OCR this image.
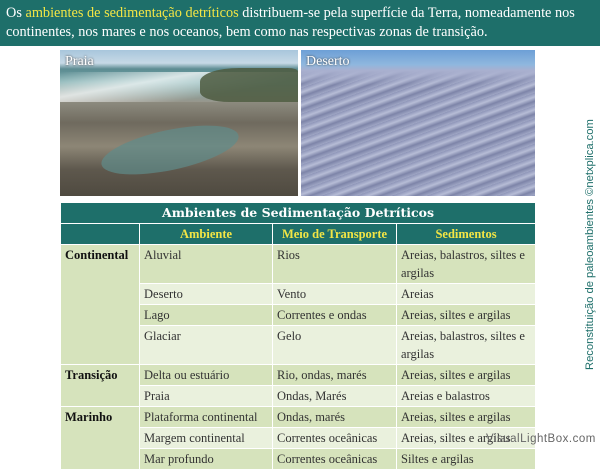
Os ambientes de sedimentação detríticos distribuem-se pela superfície da Terra, nomeadamente nos continentes, nos mares e nos oceanos, bem como nas respectivas zonas de transição.
Praia	Deserto
Ambientes de Sedimentação Detríticos			
	Ambiente	Meio de Transporte	Sedimentos
Continental	Aluvial	Rios	Areias, balastros, siltes e argilas
	Deserto	Vento	Areias
	Lago	Correntes e ondas	Areias, siltes e argilas
	Glaciar	Gelo	Areias, balastros, siltes e argilas
Transição	Delta ou estuário	Rio, ondas, marés	Areias, siltes e argilas
	Praia	Ondas, Marés	Areias e balastros
Marinho	Plataforma continental	Ondas, marés	Areias, siltes e argilas
	Margem continental	Correntes oceânicas	Areias, siltes e argilas
	Mar profundo	Correntes oceânicas	Siltes e argilas
Reconstituição de paleoambientes ©netxplica.com
VisualLightBox.com
